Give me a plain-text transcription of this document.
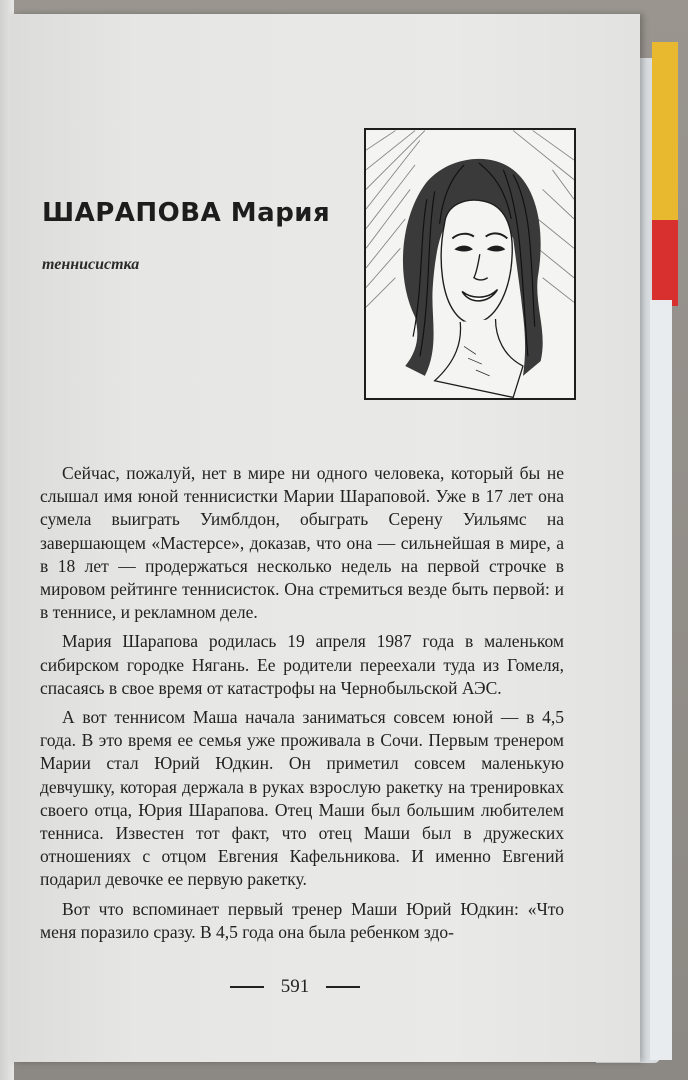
ШАРАПОВА Мария
теннисистка

Сейчас, пожалуй, нет в мире ни одного человека, который бы не слышал имя юной теннисистки Марии Шараповой. Уже в 17 лет она сумела выиграть Уимблдон, обыграть Серену Уильямс на завершающем «Мастерсе», доказав, что она — сильнейшая в мире, а в 18 лет — продержаться несколько недель на первой строчке в мировом рейтинге теннисисток. Она стремиться везде быть первой: и в теннисе, и рекламном деле.

Мария Шарапова родилась 19 апреля 1987 года в маленьком сибирском городке Нягань. Ее родители переехали туда из Гомеля, спасаясь в свое время от катастрофы на Чернобыльской АЭС.

А вот теннисом Маша начала заниматься совсем юной — в 4,5 года. В это время ее семья уже проживала в Сочи. Первым тренером Марии стал Юрий Юдкин. Он приметил совсем маленькую девчушку, которая держала в руках взрослую ракетку на тренировках своего отца, Юрия Шарапова. Отец Маши был большим любителем тенниса. Известен тот факт, что отец Маши был в дружеских отношениях с отцом Евгения Кафельникова. И именно Евгений подарил девочке ее первую ракетку.

Вот что вспоминает первый тренер Маши Юрий Юдкин: «Что меня поразило сразу. В 4,5 года она была ребенком здо-

591
